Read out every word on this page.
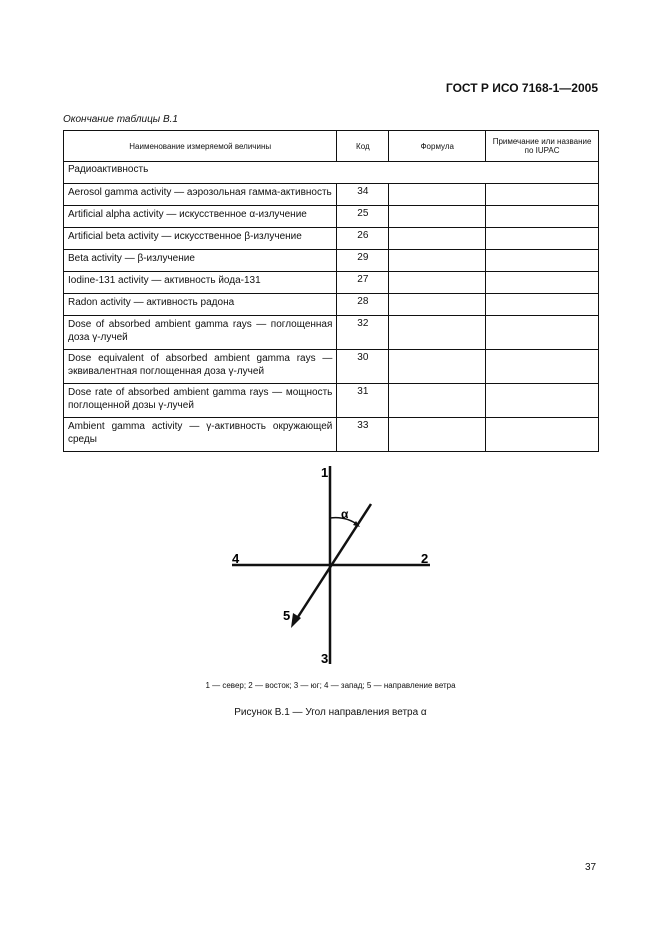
ГОСТ Р ИСО 7168-1—2005
Окончание таблицы В.1
Наименование измеряемой величины	Код	Формула	Примечание или название по IUPAC
Радиоактивность			
Aerosol gamma activity — аэрозольная гамма-активность	34		
Artificial alpha activity — искусственное α-излучение	25		
Artificial beta activity — искусственное β-излучение	26		
Beta activity — β-излучение	29		
Iodine-131 activity — активность йода-131	27		
Radon activity — активность радона	28		
Dose of absorbed ambient gamma rays — поглощенная доза γ-лучей	32		
Dose equivalent of absorbed ambient gamma rays — эквивалентная поглощенная доза γ-лучей	30		
Dose rate of absorbed ambient gamma rays — мощность поглощенной дозы γ-лучей	31		
Ambient gamma activity — γ-активность окружающей среды	33		
1
2
3
4
5
α
1 — север; 2 — восток; 3 — юг; 4 — запад; 5 — направление ветра
Рисунок В.1 — Угол направления ветра α
37
